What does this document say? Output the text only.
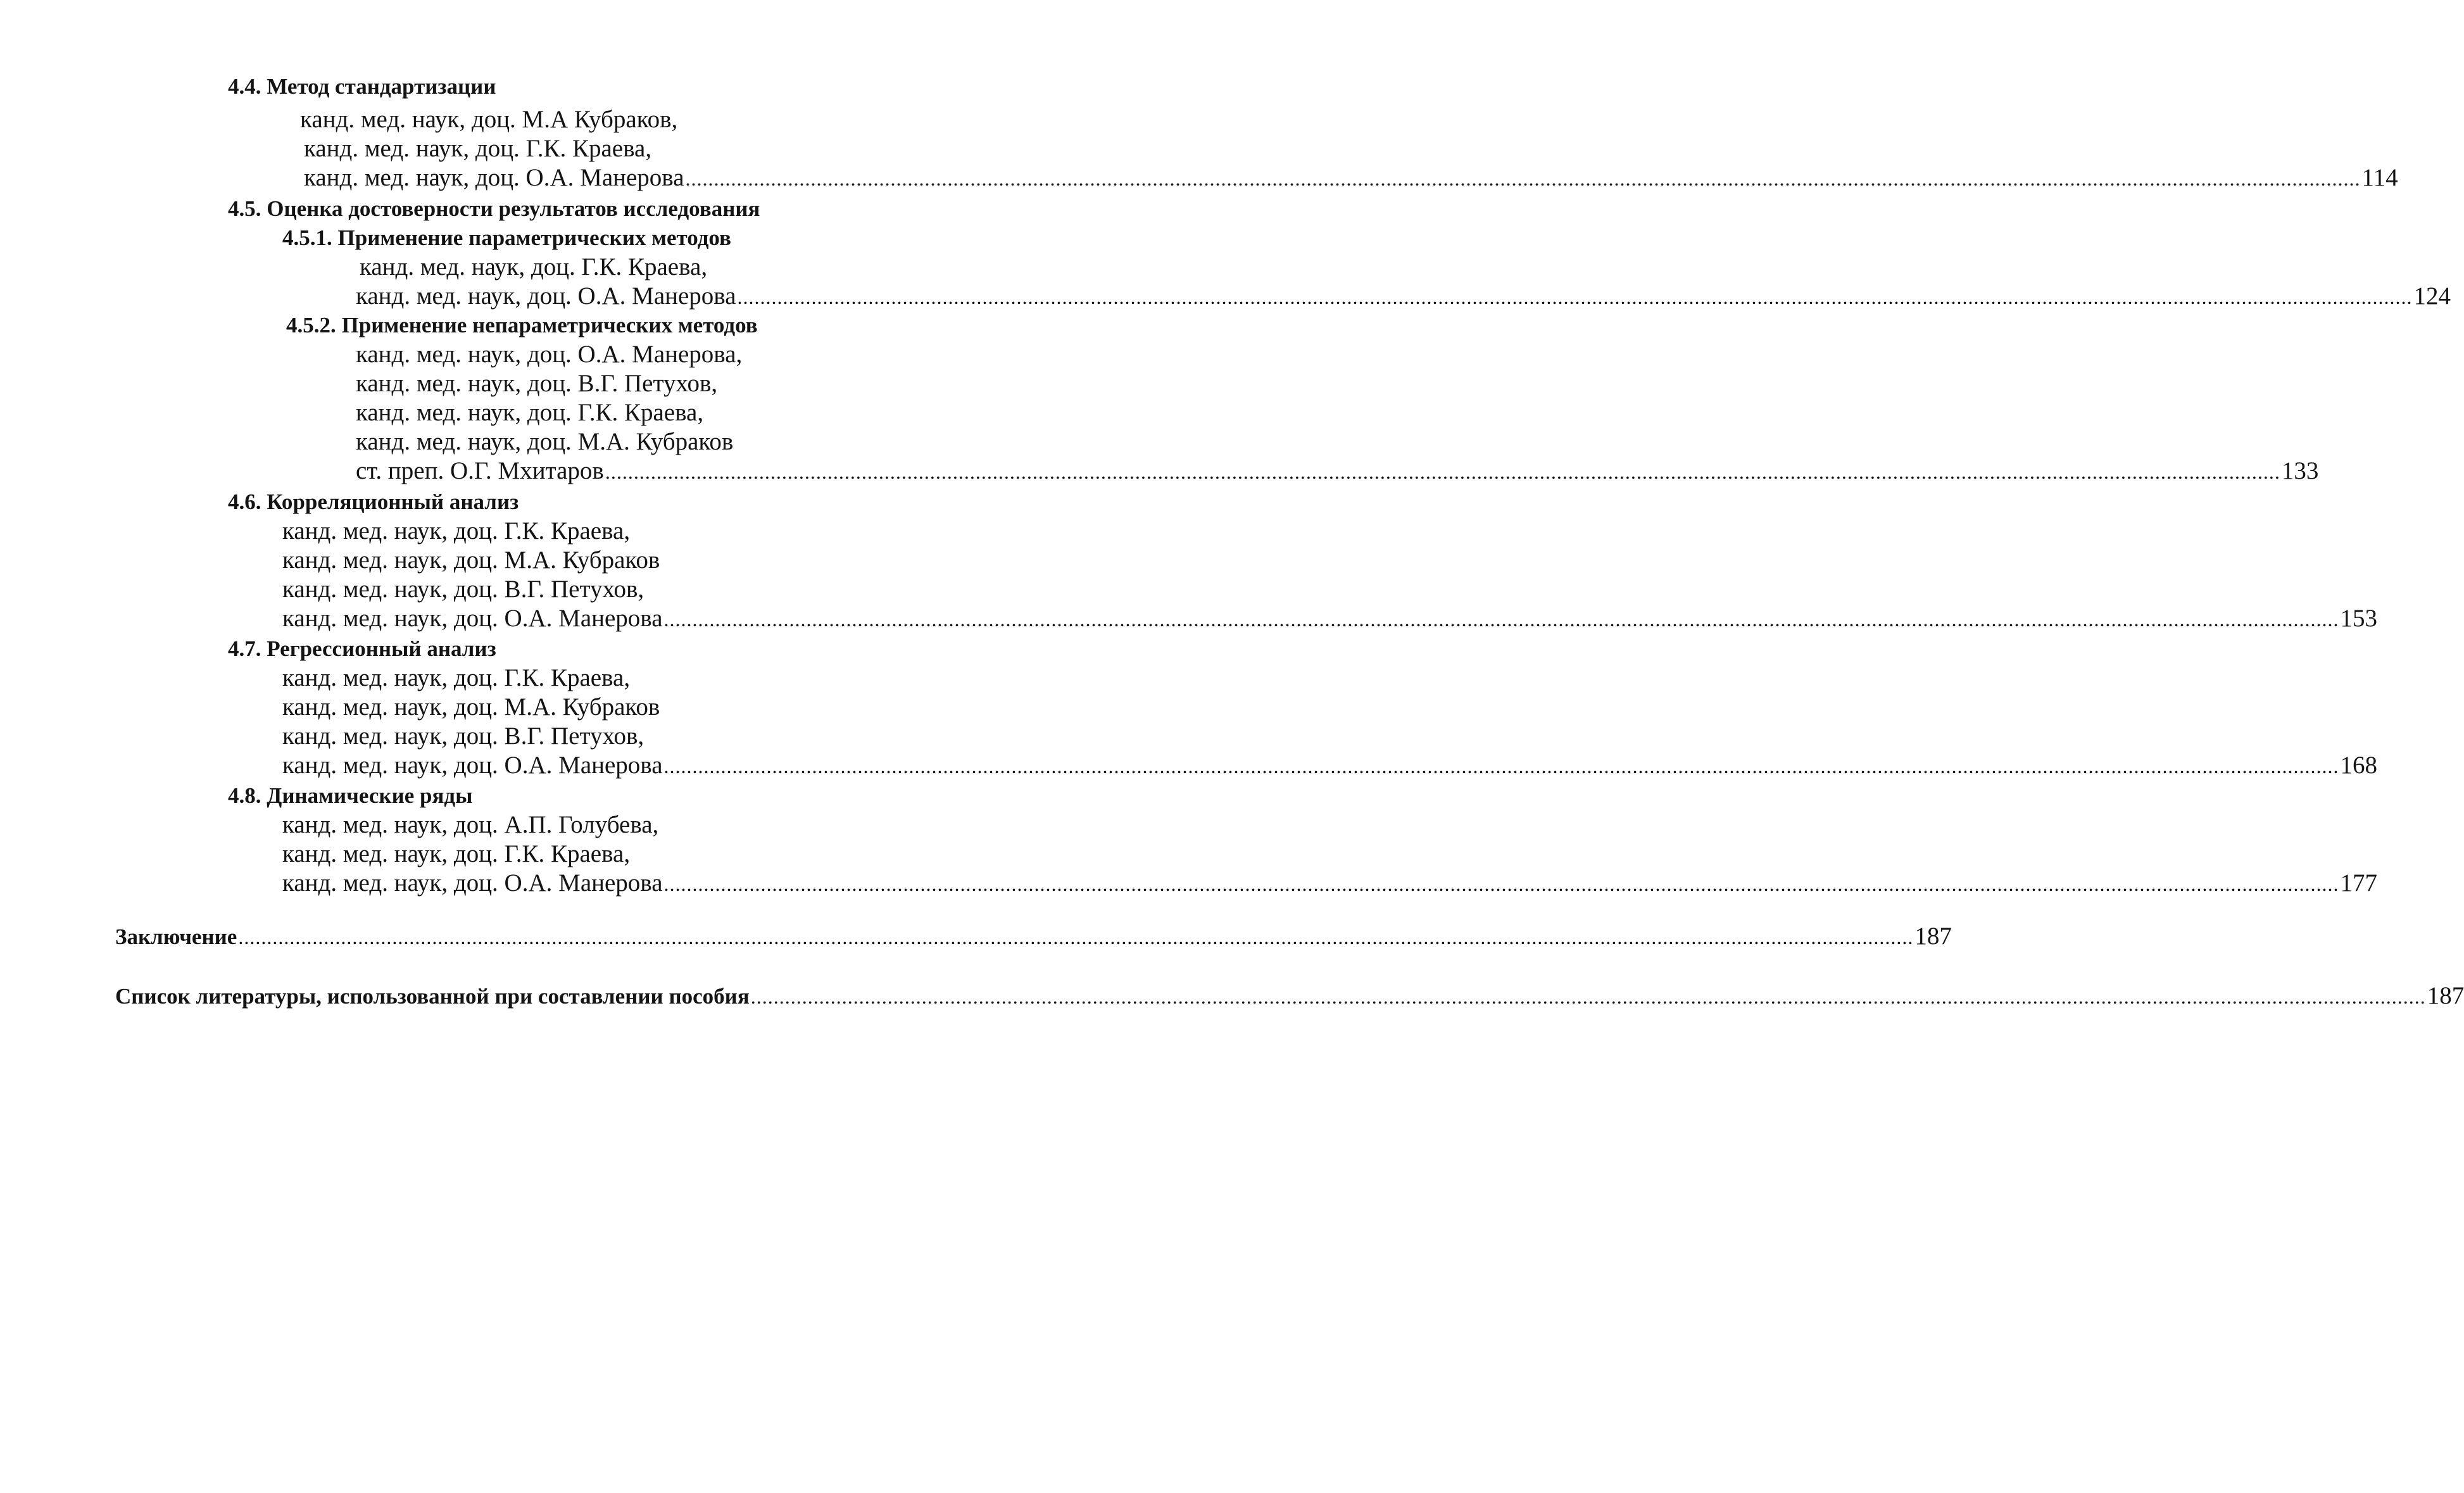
4.4. Метод стандартизации
канд. мед. наук, доц. М.А Кубраков,
канд. мед. наук, доц. Г.К. Краева,
канд. мед. наук, доц. О.А. Манерова ...................................................................................................................................................................................................................................................................................................... 114
4.5. Оценка достоверности результатов исследования
4.5.1. Применение параметрических методов
канд. мед. наук, доц. Г.К. Краева,
канд. мед. наук, доц. О.А. Манерова ...................................................................................................................................................................................................................................................................................................... 124
4.5.2. Применение непараметрических методов
канд. мед. наук, доц. О.А. Манерова,
канд. мед. наук, доц. В.Г. Петухов,
канд. мед. наук, доц. Г.К. Краева,
канд. мед. наук, доц. М.А. Кубраков
ст. преп. О.Г. Мхитаров ...................................................................................................................................................................................................................................................................................................... 133
4.6. Корреляционный анализ
канд. мед. наук, доц. Г.К. Краева,
канд. мед. наук, доц. М.А. Кубраков
канд. мед. наук, доц. В.Г. Петухов,
канд. мед. наук, доц. О.А. Манерова ...................................................................................................................................................................................................................................................................................................... 153
4.7. Регрессионный анализ
канд. мед. наук, доц. Г.К. Краева,
канд. мед. наук, доц. М.А. Кубраков
канд. мед. наук, доц. В.Г. Петухов,
канд. мед. наук, доц. О.А. Манерова ...................................................................................................................................................................................................................................................................................................... 168
4.8. Динамические ряды
канд. мед. наук, доц. А.П. Голубева,
канд. мед. наук, доц. Г.К. Краева,
канд. мед. наук, доц. О.А. Манерова ...................................................................................................................................................................................................................................................................................................... 177
Заключение ...................................................................................................................................................................................................................................................................................................... 187
Список литературы, использованной при составлении пособия ...................................................................................................................................................................................................................................................................................................... 187
